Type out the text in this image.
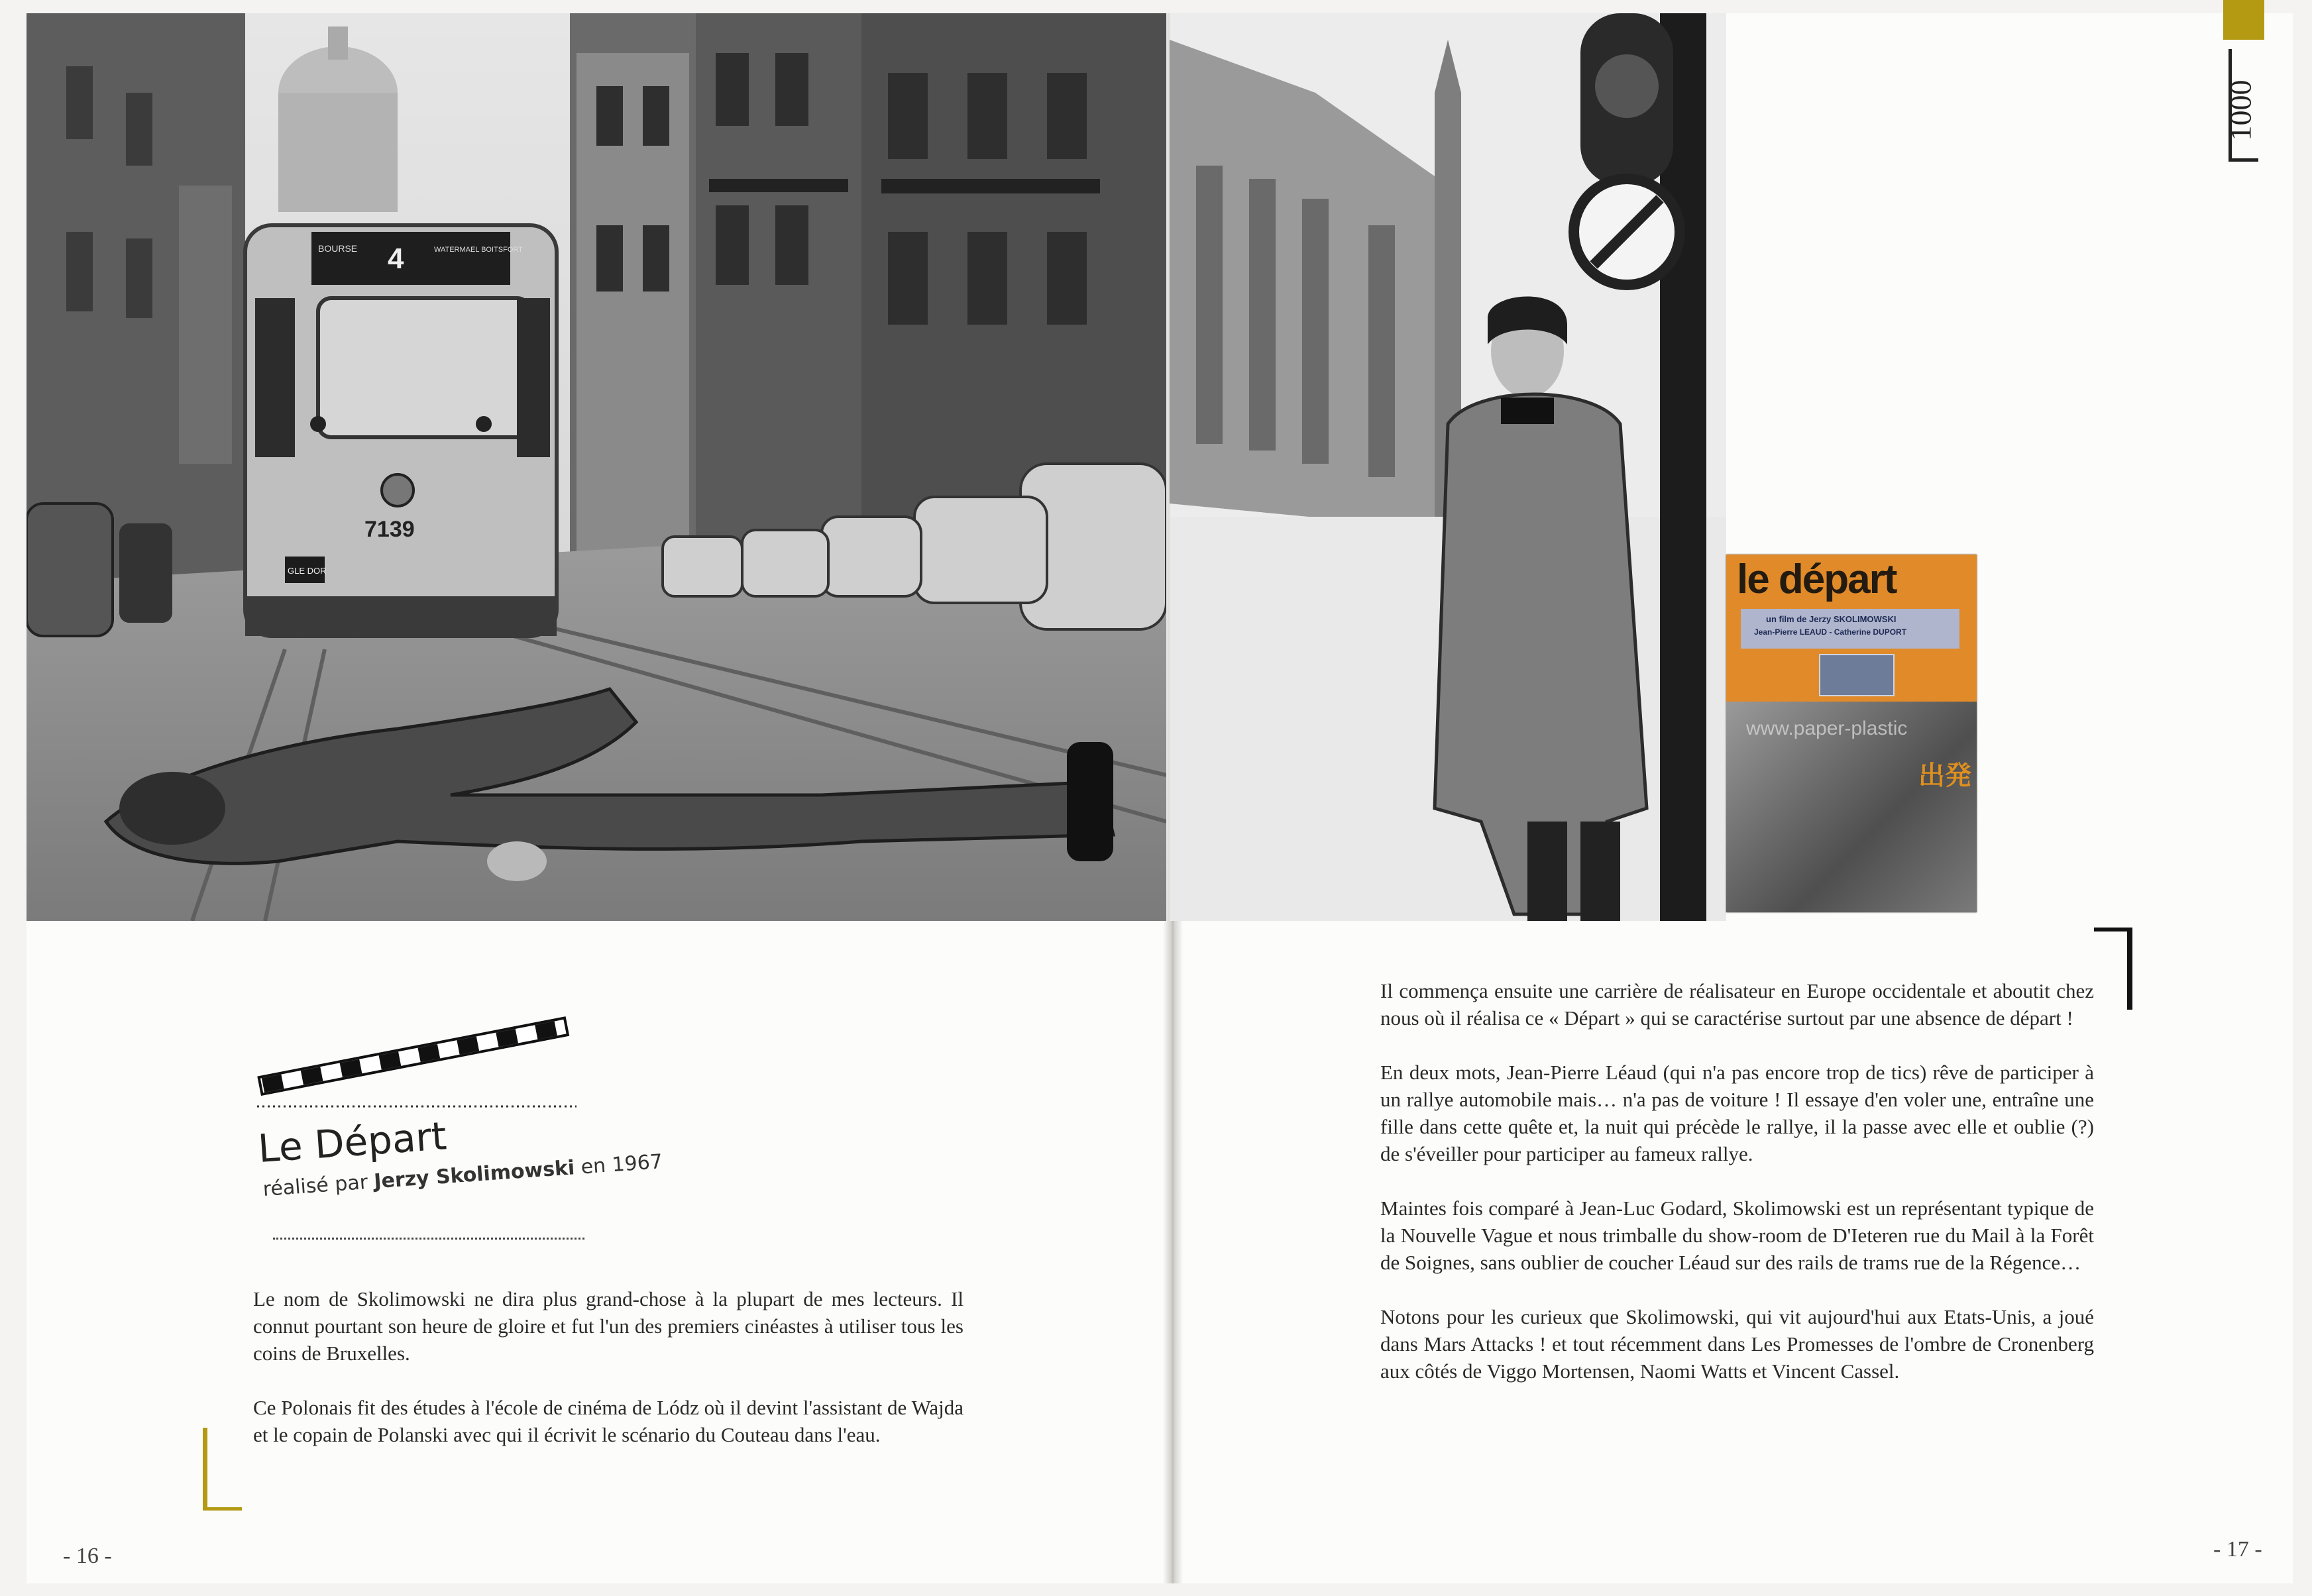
4
BOURSE	WATERMAEL BOITSFORT
7139
GLE DOR	le départ
un film de Jerzy SKOLIMOWSKI
Jean-Pierre LEAUD - Catherine DUPORT
www.paper-plastic
出発
Le Départ
réalisé par Jerzy Skolimowski en 1967

Le nom de Skolimowski ne dira plus grand-chose à la plupart de mes lecteurs. Il connut pourtant son heure de gloire et fut l'un des premiers cinéastes à utiliser tous les coins de Bruxelles.

Ce Polonais fit des études à l'école de cinéma de Lódz où il devint l'assistant de Wajda et le copain de Polanski avec qui il écrivit le scénario du Couteau dans l'eau.

Il commença ensuite une carrière de réalisateur en Europe occidentale et aboutit chez nous où il réalisa ce « Départ » qui se caractérise surtout par une absence de départ !

En deux mots, Jean-Pierre Léaud (qui n'a pas encore trop de tics) rêve de participer à un rallye automobile mais… n'a pas de voiture ! Il essaye d'en voler une, entraîne une fille dans cette quête et, la nuit qui précède le rallye, il la passe avec elle et oublie (?) de s'éveiller pour participer au fameux rallye.

Maintes fois comparé à Jean-Luc Godard, Skolimowski est un représentant typique de la Nouvelle Vague et nous trimballe du show-room de D'Ieteren rue du Mail à la Forêt de Soignes, sans oublier de coucher Léaud sur des rails de trams rue de la Régence…

Notons pour les curieux que Skolimowski, qui vit aujourd'hui aux Etats-Unis, a joué dans Mars Attacks ! et tout récemment dans Les Promesses de l'ombre de Cronenberg aux côtés de Viggo Mortensen, Naomi Watts et Vincent Cassel.

1000
- 16 -	- 17 -
